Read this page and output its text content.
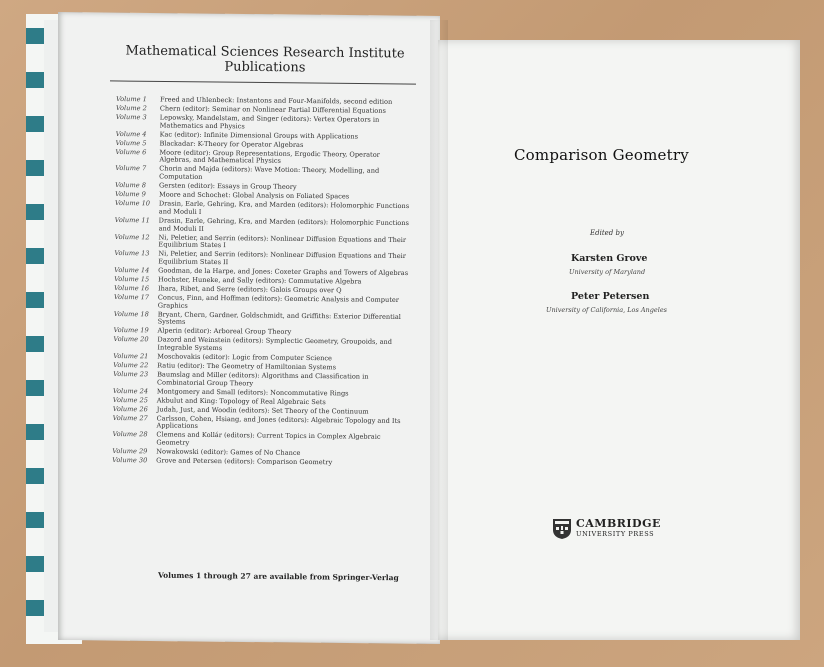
Mathematical Sciences Research Institute
Publications
Volume 1	Freed and Uhlenbeck: Instantons and Four-Manifolds, second edition
Volume 2	Chern (editor): Seminar on Nonlinear Partial Differential Equations
Volume 3	Lepowsky, Mandelstam, and Singer (editors): Vertex Operators in Mathematics and Physics
Volume 4	Kac (editor): Infinite Dimensional Groups with Applications
Volume 5	Blackadar: K-Theory for Operator Algebras
Volume 6	Moore (editor): Group Representations, Ergodic Theory, Operator Algebras, and Mathematical Physics
Volume 7	Chorin and Majda (editors): Wave Motion: Theory, Modelling, and Computation
Volume 8	Gersten (editor): Essays in Group Theory
Volume 9	Moore and Schochet: Global Analysis on Foliated Spaces
Volume 10	Drasin, Earle, Gehring, Kra, and Marden (editors): Holomorphic Functions and Moduli I
Volume 11	Drasin, Earle, Gehring, Kra, and Marden (editors): Holomorphic Functions and Moduli II
Volume 12	Ni, Peletier, and Serrin (editors): Nonlinear Diffusion Equations and Their Equilibrium States I
Volume 13	Ni, Peletier, and Serrin (editors): Nonlinear Diffusion Equations and Their Equilibrium States II
Volume 14	Goodman, de la Harpe, and Jones: Coxeter Graphs and Towers of Algebras
Volume 15	Hochster, Huneke, and Sally (editors): Commutative Algebra
Volume 16	Ihara, Ribet, and Serre (editors): Galois Groups over Q
Volume 17	Concus, Finn, and Hoffman (editors): Geometric Analysis and Computer Graphics
Volume 18	Bryant, Chern, Gardner, Goldschmidt, and Griffiths: Exterior Differential Systems
Volume 19	Alperin (editor): Arboreal Group Theory
Volume 20	Dazord and Weinstein (editors): Symplectic Geometry, Groupoids, and Integrable Systems
Volume 21	Moschovakis (editor): Logic from Computer Science
Volume 22	Ratiu (editor): The Geometry of Hamiltonian Systems
Volume 23	Baumslag and Miller (editors): Algorithms and Classification in Combinatorial Group Theory
Volume 24	Montgomery and Small (editors): Noncommutative Rings
Volume 25	Akbulut and King: Topology of Real Algebraic Sets
Volume 26	Judah, Just, and Woodin (editors): Set Theory of the Continuum
Volume 27	Carlsson, Cohen, Hsiang, and Jones (editors): Algebraic Topology and Its Applications
Volume 28	Clemens and Kollár (editors): Current Topics in Complex Algebraic Geometry
Volume 29	Nowakowski (editor): Games of No Chance
Volume 30	Grove and Petersen (editors): Comparison Geometry
Volumes 1 through 27 are available from Springer-Verlag
Comparison Geometry
Edited by
Karsten Grove
University of Maryland
Peter Petersen
University of California, Los Angeles
CAMBRIDGE
UNIVERSITY PRESS
